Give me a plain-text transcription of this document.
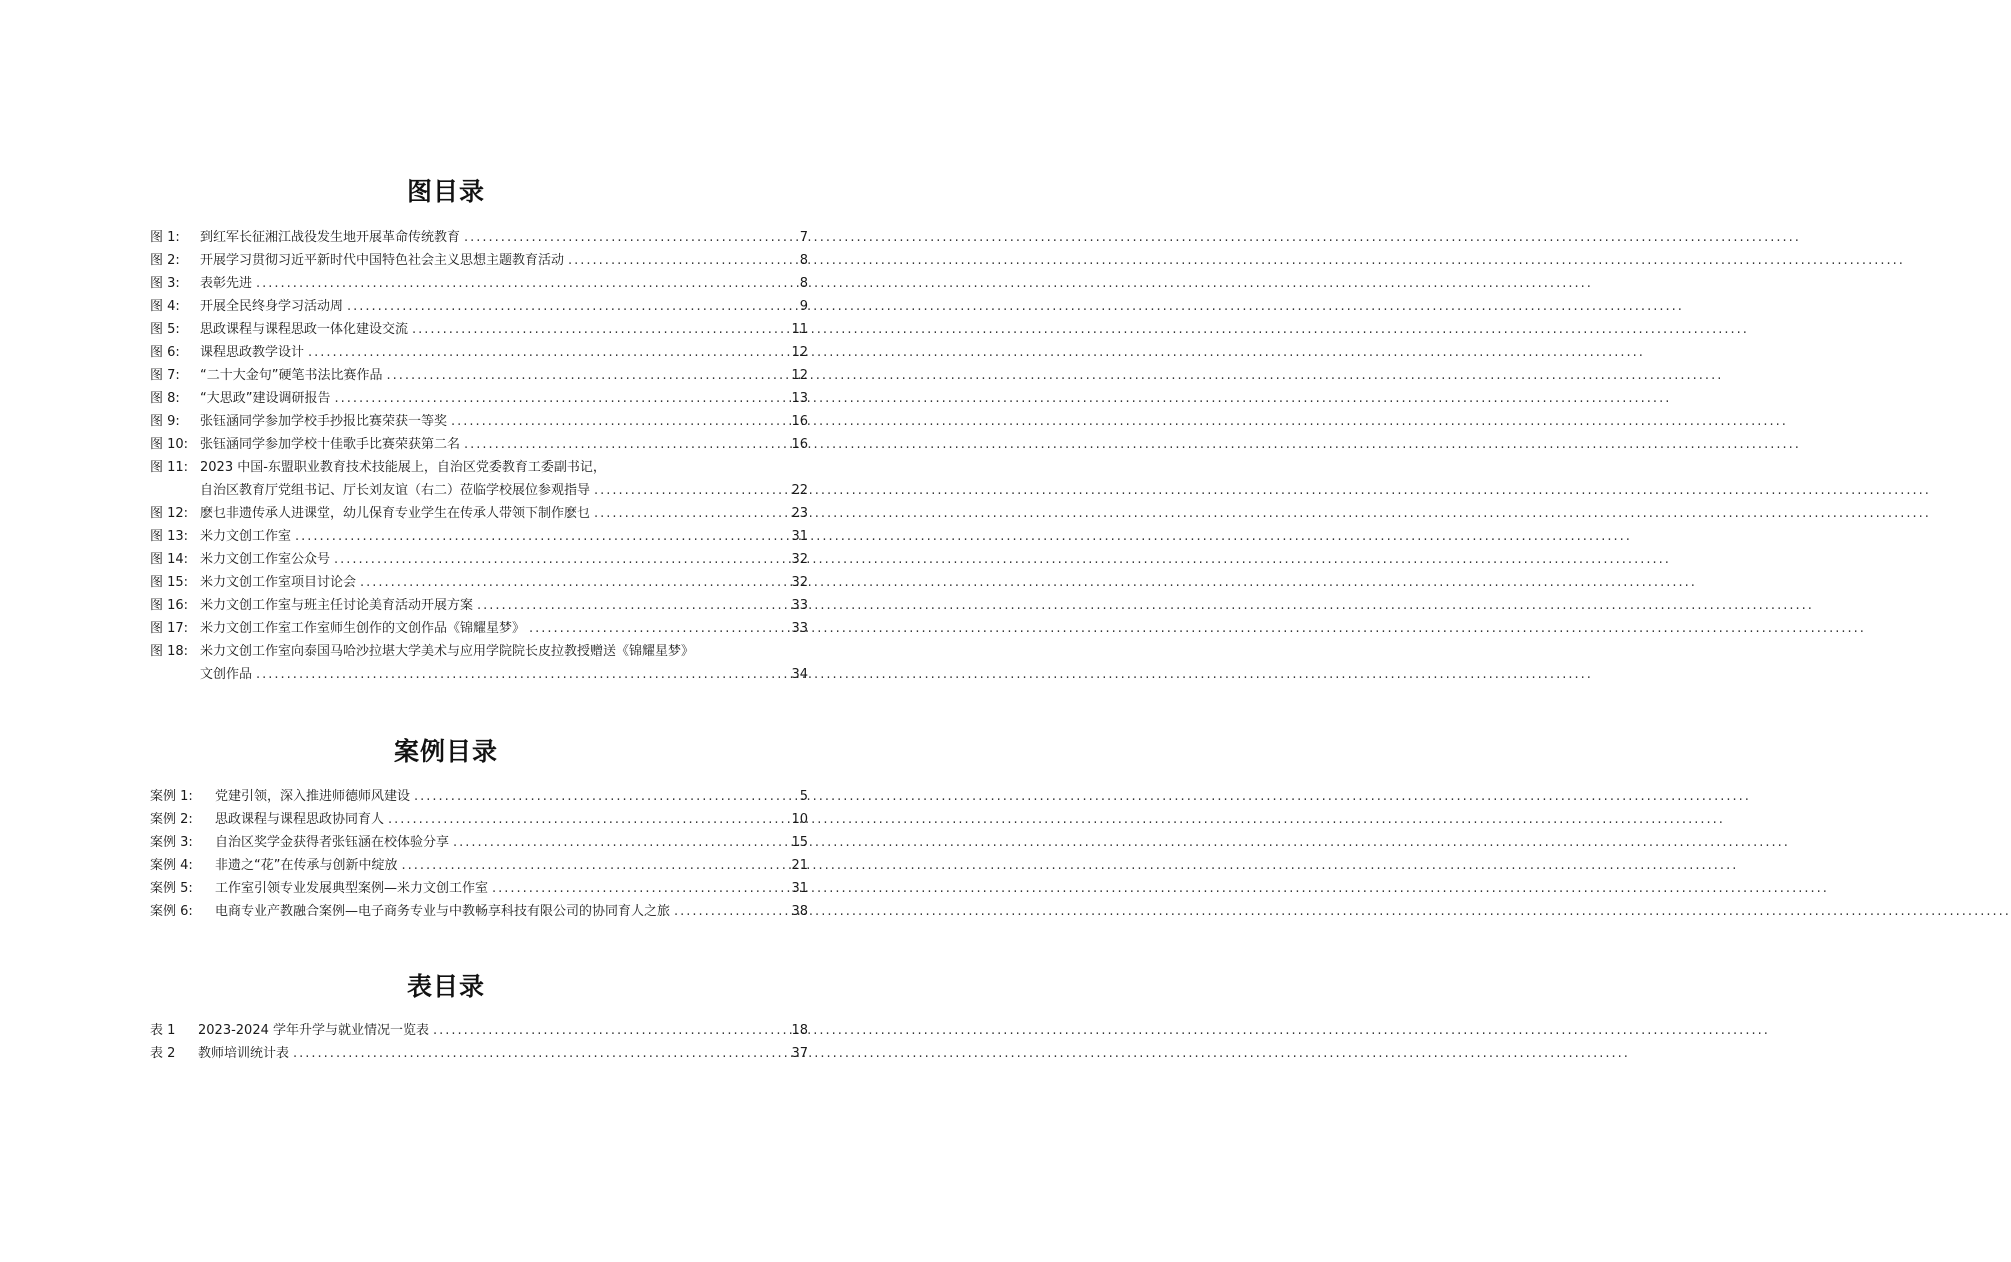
图目录
图 1:	到红军长征湘江战役发生地开展革命传统教育 .....	7
图 2:	开展学习贯彻习近平新时代中国特色社会主义思想主题教育活动 .....	8
图 3:	表彰先进 .....	8
图 4:	开展全民终身学习活动周 .....	9
图 5:	思政课程与课程思政一体化建设交流 .....	11
图 6:	课程思政教学设计 .....	12
图 7:	“二十大金句”硬笔书法比赛作品 .....	12
图 8:	“大思政”建设调研报告 .....	13
图 9:	张钰涵同学参加学校手抄报比赛荣获一等奖 .....	16
图 10: 张钰涵同学参加学校十佳歌手比赛荣获第二名 .....	16
图 11: 2023 中国-东盟职业教育技术技能展上，自治区党委教育工委副书记，
自治区教育厅党组书记、厅长刘友谊（右二）莅临学校展位参观指导 .....	22
图 12: 麽乜非遗传承人进课堂，幼儿保育专业学生在传承人带领下制作麽乜 .....	23
图 13: 米力文创工作室 .....	31
图 14: 米力文创工作室公众号 .....	32
图 15: 米力文创工作室项目讨论会 .....	32
图 16: 米力文创工作室与班主任讨论美育活动开展方案 .....	33
图 17: 米力文创工作室工作室师生创作的文创作品《锦耀星梦》 .....	33
图 18: 米力文创工作室向泰国马哈沙拉堪大学美术与应用学院院长皮拉教授赠送《锦耀星梦》
文创作品 .....	34
案例目录
案例 1:	党建引领，深入推进师德师风建设 .....	5
案例 2:	思政课程与课程思政协同育人 .....	10
案例 3:	自治区奖学金获得者张钰涵在校体验分享 .....	15
案例 4:	非遗之“花”在传承与创新中绽放 .....	21
案例 5:	工作室引领专业发展典型案例—米力文创工作室 .....	31
案例 6:	电商专业产教融合案例—电子商务专业与中教畅享科技有限公司的协同育人之旅 .....	38
表目录
表 1	2023-2024 学年升学与就业情况一览表 .....	18
表 2	教师培训统计表 .....	37
